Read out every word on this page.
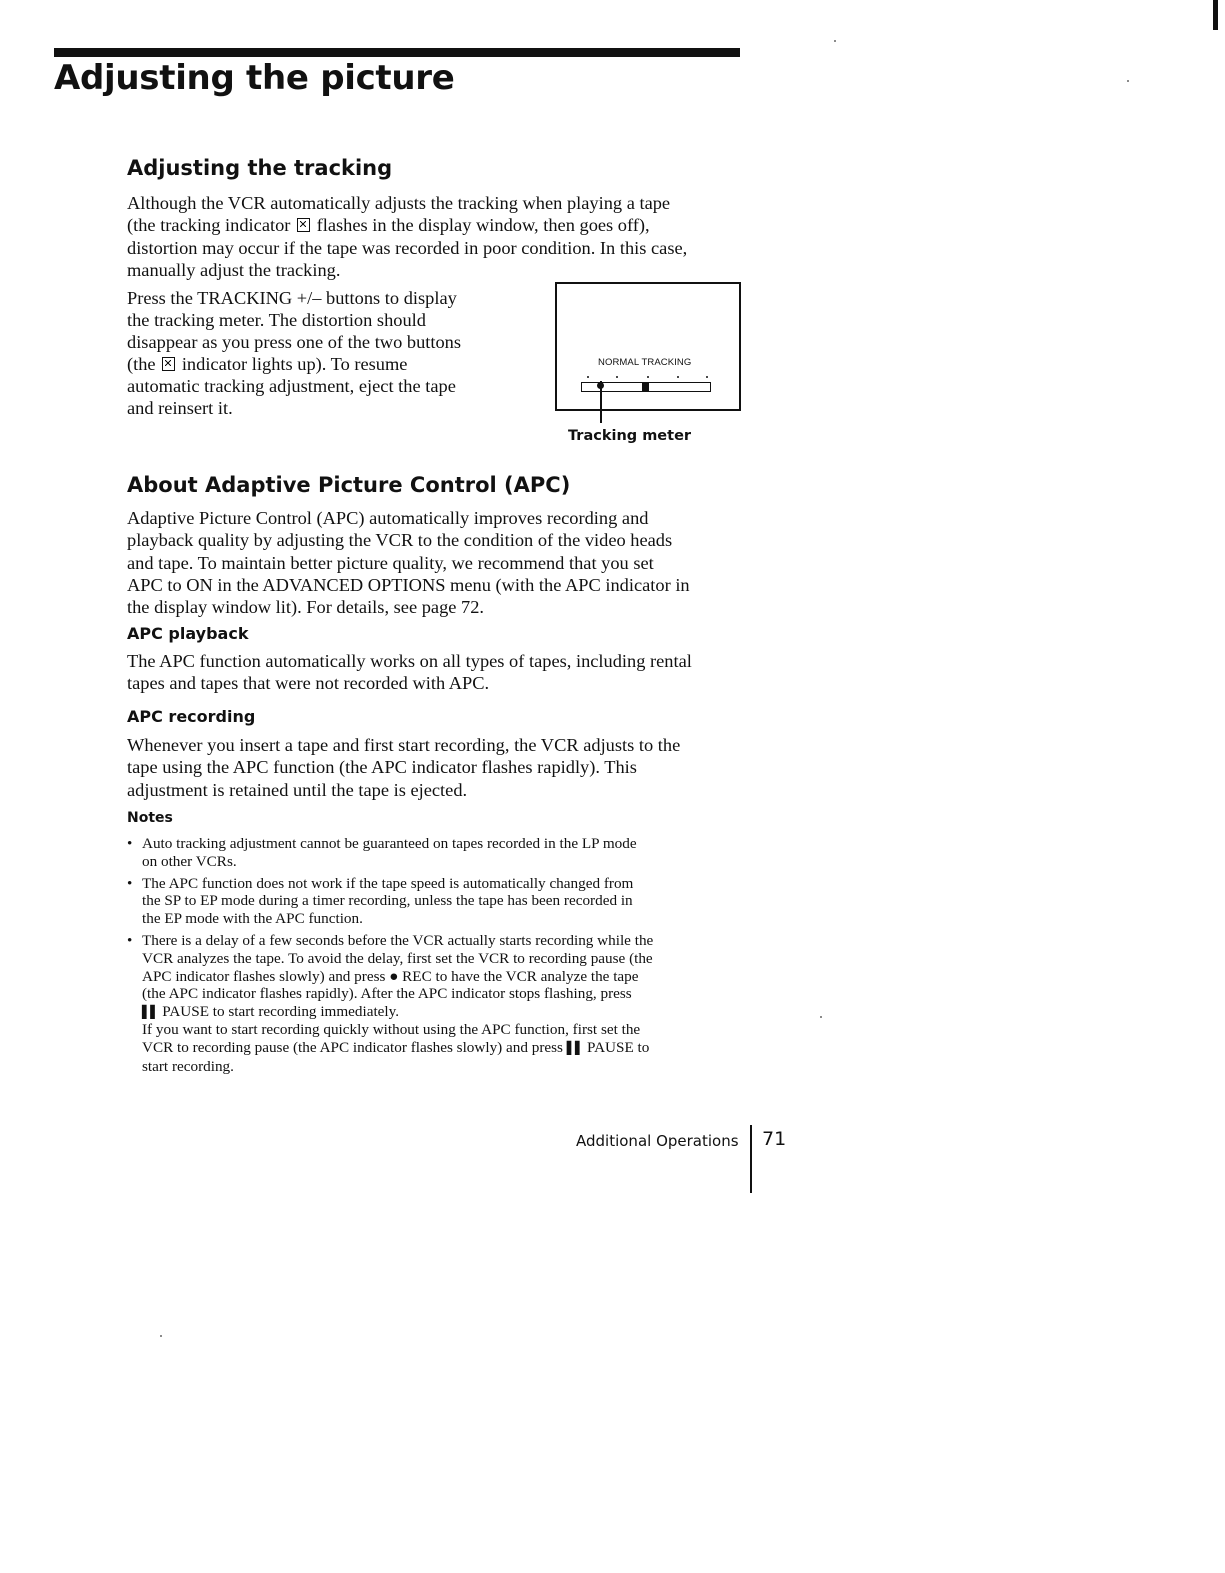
Adjusting the picture
Adjusting the tracking
Although the VCR automatically adjusts the tracking when playing a tape
(the tracking indicator flashes in the display window, then goes off),
distortion may occur if the tape was recorded in poor condition. In this case,
manually adjust the tracking.
Press the TRACKING +/– buttons to display
the tracking meter. The distortion should
disappear as you press one of the two buttons
(the indicator lights up). To resume
automatic tracking adjustment, eject the tape
and reinsert it.
NORMAL TRACKING

Tracking meter

About Adaptive Picture Control (APC)
Adaptive Picture Control (APC) automatically improves recording and
playback quality by adjusting the VCR to the condition of the video heads
and tape. To maintain better picture quality, we recommend that you set
APC to ON in the ADVANCED OPTIONS menu (with the APC indicator in
the display window lit). For details, see page 72.
APC playback
The APC function automatically works on all types of tapes, including rental
tapes and tapes that were not recorded with APC.
APC recording
Whenever you insert a tape and first start recording, the VCR adjusts to the
tape using the APC function (the APC indicator flashes rapidly). This
adjustment is retained until the tape is ejected.
Notes
• Auto tracking adjustment cannot be guaranteed on tapes recorded in the LP mode
on other VCRs.
• The APC function does not work if the tape speed is automatically changed from
the SP to EP mode during a timer recording, unless the tape has been recorded in
the EP mode with the APC function.
• There is a delay of a few seconds before the VCR actually starts recording while the
VCR analyzes the tape. To avoid the delay, first set the VCR to recording pause (the
APC indicator flashes slowly) and press ● REC to have the VCR analyze the tape
(the APC indicator flashes rapidly). After the APC indicator stops flashing, press
▌▌ PAUSE to start recording immediately.
If you want to start recording quickly without using the APC function, first set the
VCR to recording pause (the APC indicator flashes slowly) and press ▌▌ PAUSE to
start recording.

Additional Operations 71
